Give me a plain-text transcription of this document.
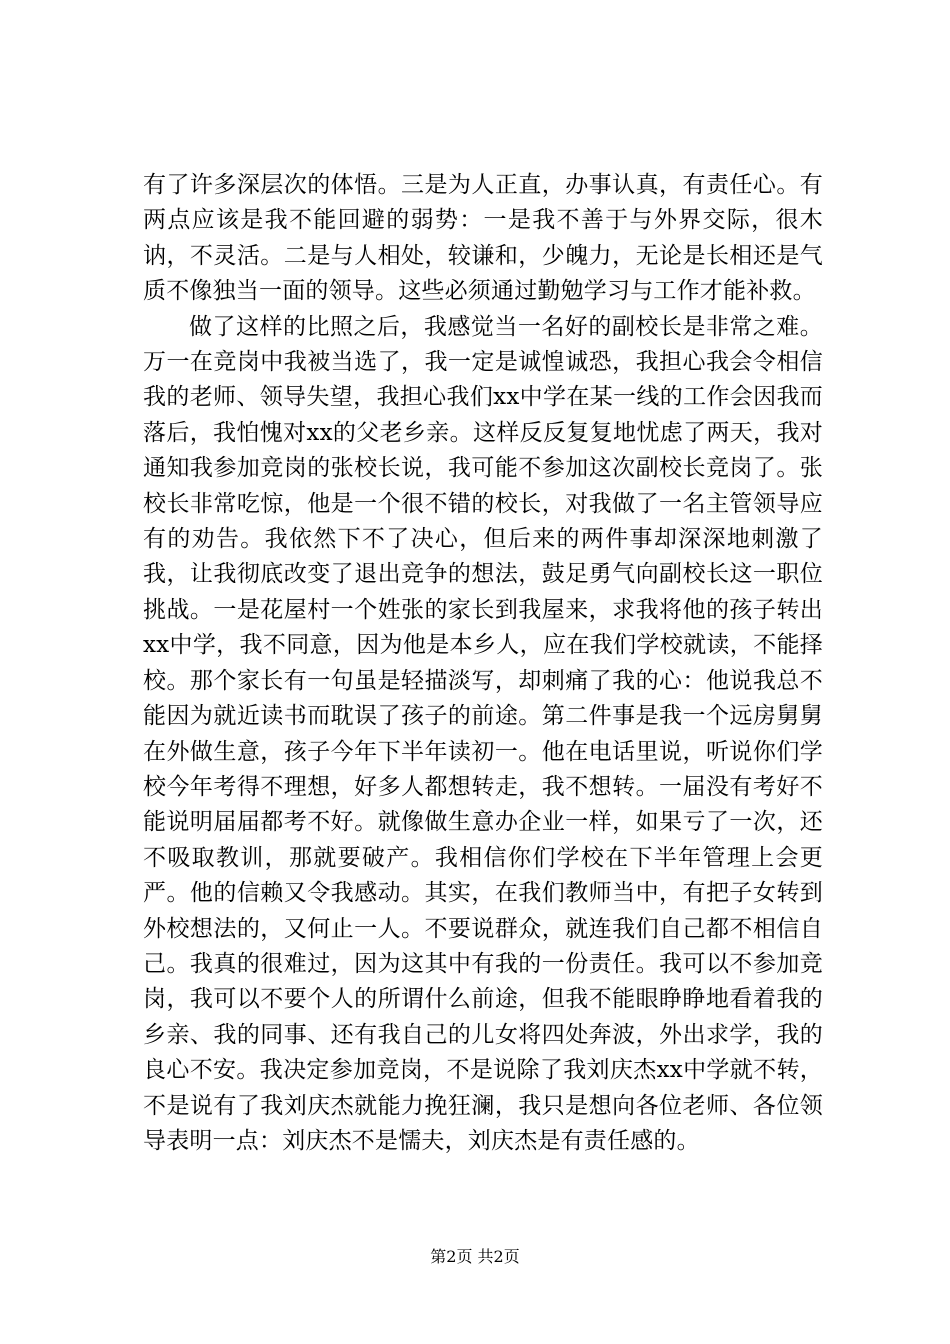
有了许多深层次的体悟。三是为人正直，办事认真，有责任心。有两点应该是我不能回避的弱势：一是我不善于与外界交际，很木讷，不灵活。二是与人相处，较谦和，少魄力，无论是长相还是气质不像独当一面的领导。这些必须通过勤勉学习与工作才能补救。

做了这样的比照之后，我感觉当一名好的副校长是非常之难。万一在竞岗中我被当选了，我一定是诚惶诚恐，我担心我会令相信我的老师、领导失望，我担心我们xx中学在某一线的工作会因我而落后，我怕愧对xx的父老乡亲。这样反反复复地忧虑了两天，我对通知我参加竞岗的张校长说，我可能不参加这次副校长竞岗了。张校长非常吃惊，他是一个很不错的校长，对我做了一名主管领导应有的劝告。我依然下不了决心，但后来的两件事却深深地刺激了我，让我彻底改变了退出竞争的想法，鼓足勇气向副校长这一职位挑战。一是花屋村一个姓张的家长到我屋来，求我将他的孩子转出xx中学，我不同意，因为他是本乡人，应在我们学校就读，不能择校。那个家长有一句虽是轻描淡写，却刺痛了我的心：他说我总不能因为就近读书而耽误了孩子的前途。第二件事是我一个远房舅舅在外做生意，孩子今年下半年读初一。他在电话里说，听说你们学校今年考得不理想，好多人都想转走，我不想转。一届没有考好不能说明届届都考不好。就像做生意办企业一样，如果亏了一次，还不吸取教训，那就要破产。我相信你们学校在下半年管理上会更严。他的信赖又令我感动。其实，在我们教师当中，有把子女转到外校想法的，又何止一人。不要说群众，就连我们自己都不相信自己。我真的很难过，因为这其中有我的一份责任。我可以不参加竞岗，我可以不要个人的所谓什么前途，但我不能眼睁睁地看着我的乡亲、我的同事、还有我自己的儿女将四处奔波，外出求学，我的良心不安。我决定参加竞岗，不是说除了我刘庆杰xx中学就不转，不是说有了我刘庆杰就能力挽狂澜，我只是想向各位老师、各位领导表明一点：刘庆杰不是懦夫，刘庆杰是有责任感的。

第2页 共2页
